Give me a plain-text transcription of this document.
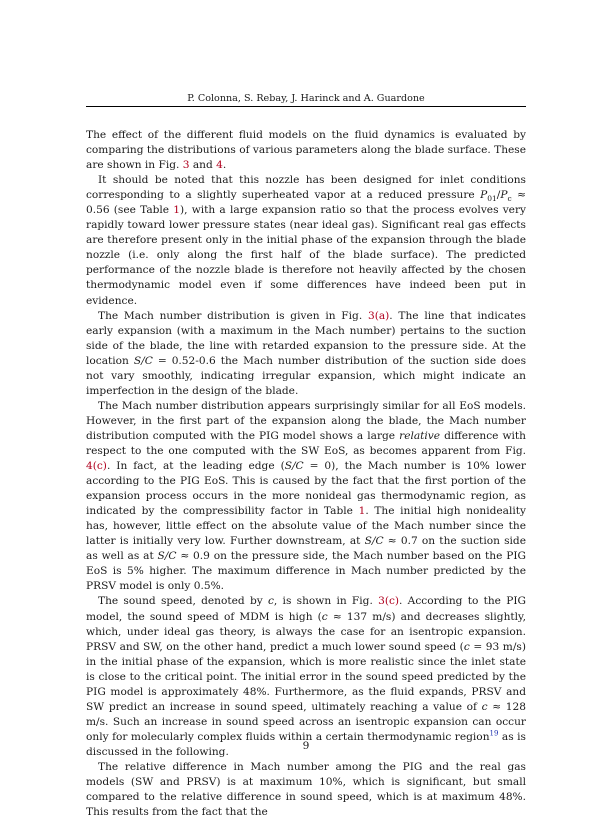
P. Colonna, S. Rebay, J. Harinck and A. Guardone

The effect of the different fluid models on the fluid dynamics is evaluated by comparing the distributions of various parameters along the blade surface. These are shown in Fig. 3 and 4.

It should be noted that this nozzle has been designed for inlet conditions corresponding to a slightly superheated vapor at a reduced pressure $P_{01}/P_c \approx 0.56$ (see Table 1), with a large expansion ratio so that the process evolves very rapidly toward lower pressure states (near ideal gas). Significant real gas effects are therefore present only in the initial phase of the expansion through the blade nozzle (i.e. only along the first half of the blade surface). The predicted performance of the nozzle blade is therefore not heavily affected by the chosen thermodynamic model even if some differences have indeed been put in evidence.

The Mach number distribution is given in Fig. 3(a). The line that indicates early expansion (with a maximum in the Mach number) pertains to the suction side of the blade, the line with retarded expansion to the pressure side. At the location S/C = 0.52-0.6 the Mach number distribution of the suction side does not vary smoothly, indicating irregular expansion, which might indicate an imperfection in the design of the blade.

The Mach number distribution appears surprisingly similar for all EoS models. However, in the first part of the expansion along the blade, the Mach number distribution computed with the PIG model shows a large relative difference with respect to the one computed with the SW EoS, as becomes apparent from Fig. 4(c). In fact, at the leading edge (S/C = 0), the Mach number is 10% lower according to the PIG EoS. This is caused by the fact that the first portion of the expansion process occurs in the more nonideal gas thermodynamic region, as indicated by the compressibility factor in Table 1. The initial high nonideality has, however, little effect on the absolute value of the Mach number since the latter is initially very low. Further downstream, at S/C ≈ 0.7 on the suction side as well as at S/C ≈ 0.9 on the pressure side, the Mach number based on the PIG EoS is 5% higher. The maximum difference in Mach number predicted by the PRSV model is only 0.5%.

The sound speed, denoted by c, is shown in Fig. 3(c). According to the PIG model, the sound speed of MDM is high (c ≈ 137 m/s) and decreases slightly, which, under ideal gas theory, is always the case for an isentropic expansion. PRSV and SW, on the other hand, predict a much lower sound speed (c = 93 m/s) in the initial phase of the expansion, which is more realistic since the inlet state is close to the critical point. The initial error in the sound speed predicted by the PIG model is approximately 48%. Furthermore, as the fluid expands, PRSV and SW predict an increase in sound speed, ultimately reaching a value of c ≈ 128 m/s. Such an increase in sound speed across an isentropic expansion can occur only for molecularly complex fluids within a certain thermodynamic region$^{19}$ as is discussed in the following.

The relative difference in Mach number among the PIG and the real gas models (SW and PRSV) is at maximum 10%, which is significant, but small compared to the relative difference in sound speed, which is at maximum 48%. This results from the fact that the

9
